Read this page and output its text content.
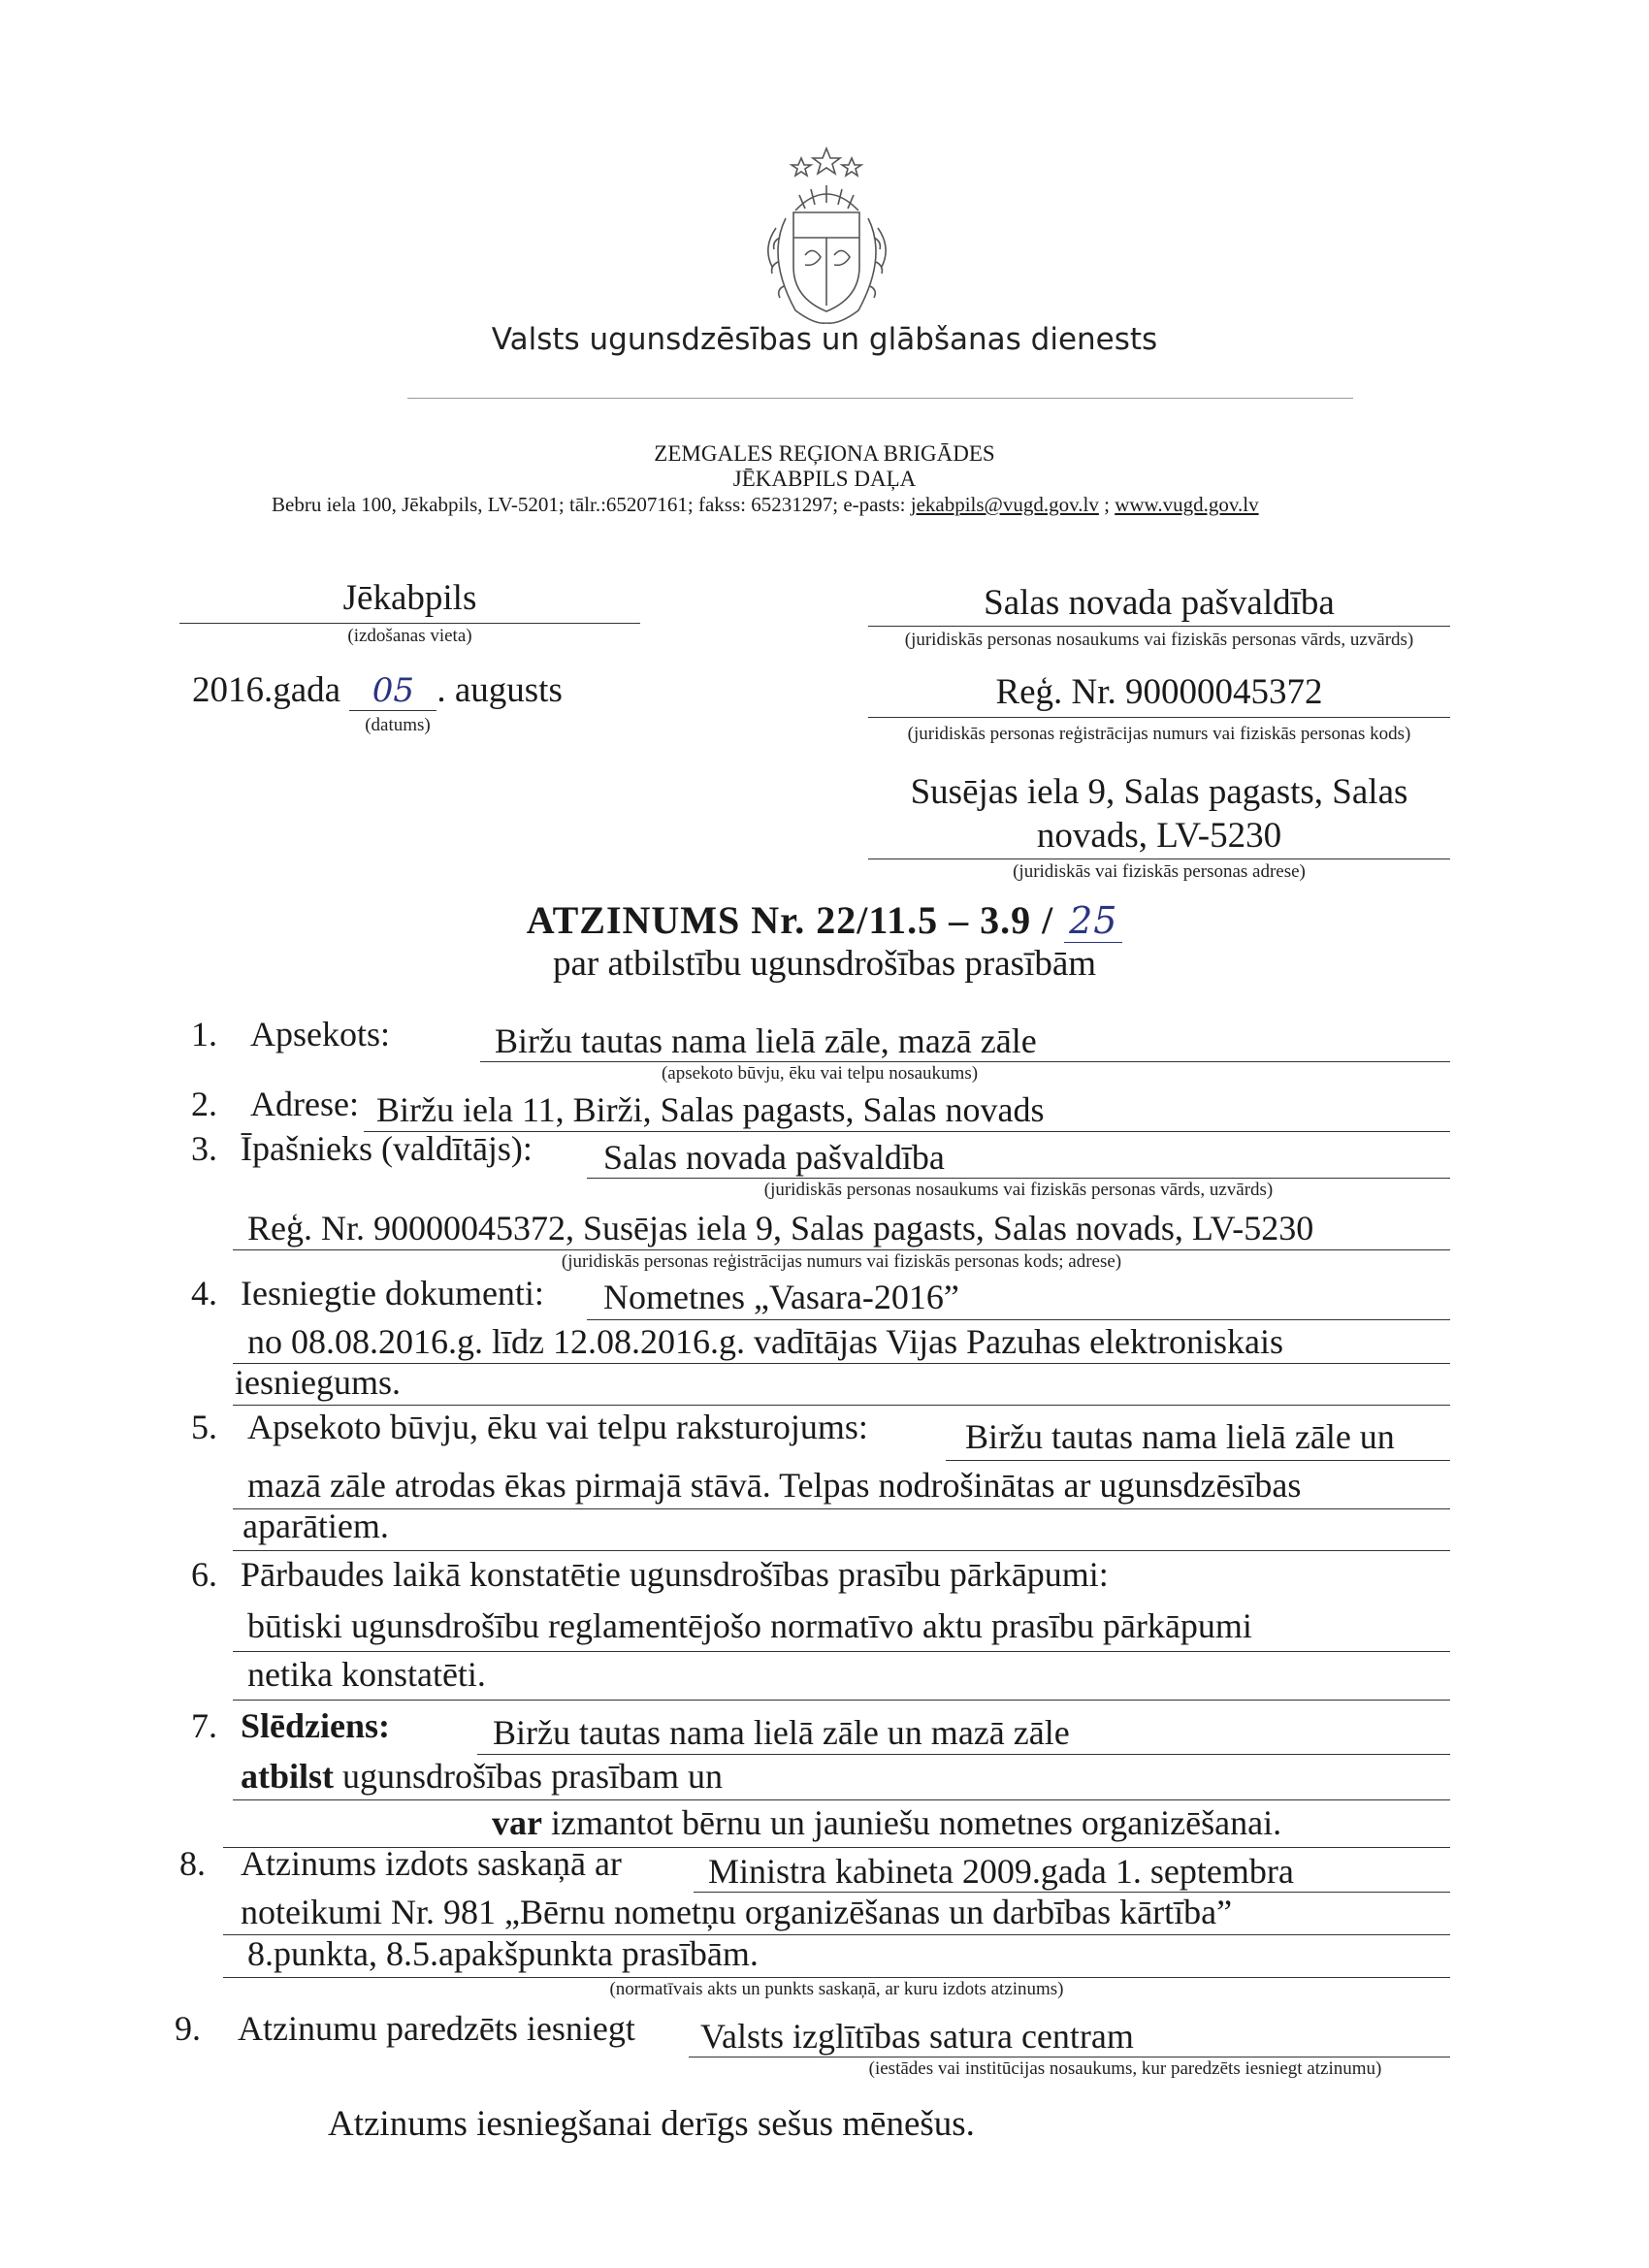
Valsts ugunsdzēsības un glābšanas dienests
ZEMGALES REĢIONA BRIGĀDES
JĒKABPILS DAĻA
Bebru iela 100, Jēkabpils, LV-5201; tālr.:65207161; fakss: 65231297; e-pasts: jekabpils@vugd.gov.lv ; www.vugd.gov.lv
Jēkabpils
(izdošanas vieta)
2016.gada 05 . augusts
(datums)
Salas novada pašvaldība
(juridiskās personas nosaukums vai fiziskās personas vārds, uzvārds)
Reģ. Nr. 90000045372
(juridiskās personas reģistrācijas numurs vai fiziskās personas kods)
Susējas iela 9, Salas pagasts, Salas
novads, LV-5230
(juridiskās vai fiziskās personas adrese)
ATZINUMS Nr. 22/11.5 – 3.9 / 25
par atbilstību ugunsdrošības prasībām
1. Apsekots:	Biržu tautas nama lielā zāle, mazā zāle
(apsekoto būvju, ēku vai telpu nosaukums)
2. Adrese: Biržu iela 11, Birži, Salas pagasts, Salas novads
3. Īpašnieks (valdītājs): Salas novada pašvaldība
(juridiskās personas nosaukums vai fiziskās personas vārds, uzvārds)
Reģ. Nr. 90000045372, Susējas iela 9, Salas pagasts, Salas novads, LV-5230
(juridiskās personas reģistrācijas numurs vai fiziskās personas kods; adrese)
4. Iesniegtie dokumenti: Nometnes „Vasara-2016”
no 08.08.2016.g. līdz 12.08.2016.g. vadītājas Vijas Pazuhas elektroniskais
iesniegums.
5. Apsekoto būvju, ēku vai telpu raksturojums:	Biržu tautas nama lielā zāle un
mazā zāle atrodas ēkas pirmajā stāvā. Telpas nodrošinātas ar ugunsdzēsības
aparātiem.
6. Pārbaudes laikā konstatētie ugunsdrošības prasību pārkāpumi:
būtiski ugunsdrošību reglamentējošo normatīvo aktu prasību pārkāpumi
netika konstatēti.
7. Slēdziens:	Biržu tautas nama lielā zāle un mazā zāle
atbilst ugunsdrošības prasībam un
var izmantot bērnu un jauniešu nometnes organizēšanai.
8. Atzinums izdots saskaņā ar Ministra kabineta 2009.gada 1. septembra
noteikumi Nr. 981 „Bērnu nometņu organizēšanas un darbības kārtība”
8.punkta, 8.5.apakšpunkta prasībām.
(normatīvais akts un punkts saskaņā, ar kuru izdots atzinums)
9. Atzinumu paredzēts iesniegt Valsts izglītības satura centram
(iestādes vai institūcijas nosaukums, kur paredzēts iesniegt atzinumu)
Atzinums iesniegšanai derīgs sešus mēnešus.
